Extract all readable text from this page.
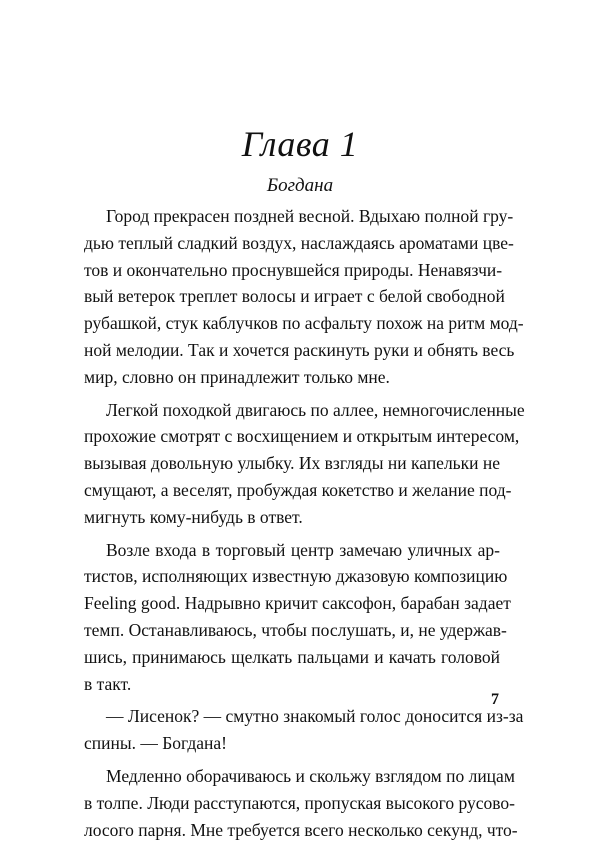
Глава 1
Богдана
Город прекрасен поздней весной. Вдыхаю полной гру-
дью теплый сладкий воздух, наслаждаясь ароматами цве-
тов и окончательно проснувшейся природы. Ненавязчи-
вый ветерок треплет волосы и играет с белой свободной
рубашкой, стук каблучков по асфальту похож на ритм мод-
ной мелодии. Так и хочется раскинуть руки и обнять весь
мир, словно он принадлежит только мне.
Легкой походкой двигаюсь по аллее, немногочисленные
прохожие смотрят с восхищением и открытым интересом,
вызывая довольную улыбку. Их взгляды ни капельки не
смущают, а веселят, пробуждая кокетство и желание под-
мигнуть кому-нибудь в ответ.
Возле входа в торговый центр замечаю уличных ар-
тистов, исполняющих известную джазовую композицию
Feeling good. Надрывно кричит саксофон, барабан задает
темп. Останавливаюсь, чтобы послушать, и, не удержав-
шись, принимаюсь щелкать пальцами и качать головой
в такт.
— Лисенок? — смутно знакомый голос доносится из-за
спины. — Богдана!
Медленно оборачиваюсь и скольжу взглядом по лицам
в толпе. Люди расступаются, пропуская высокого русово-
лосого парня. Мне требуется всего несколько секунд, что-
7
